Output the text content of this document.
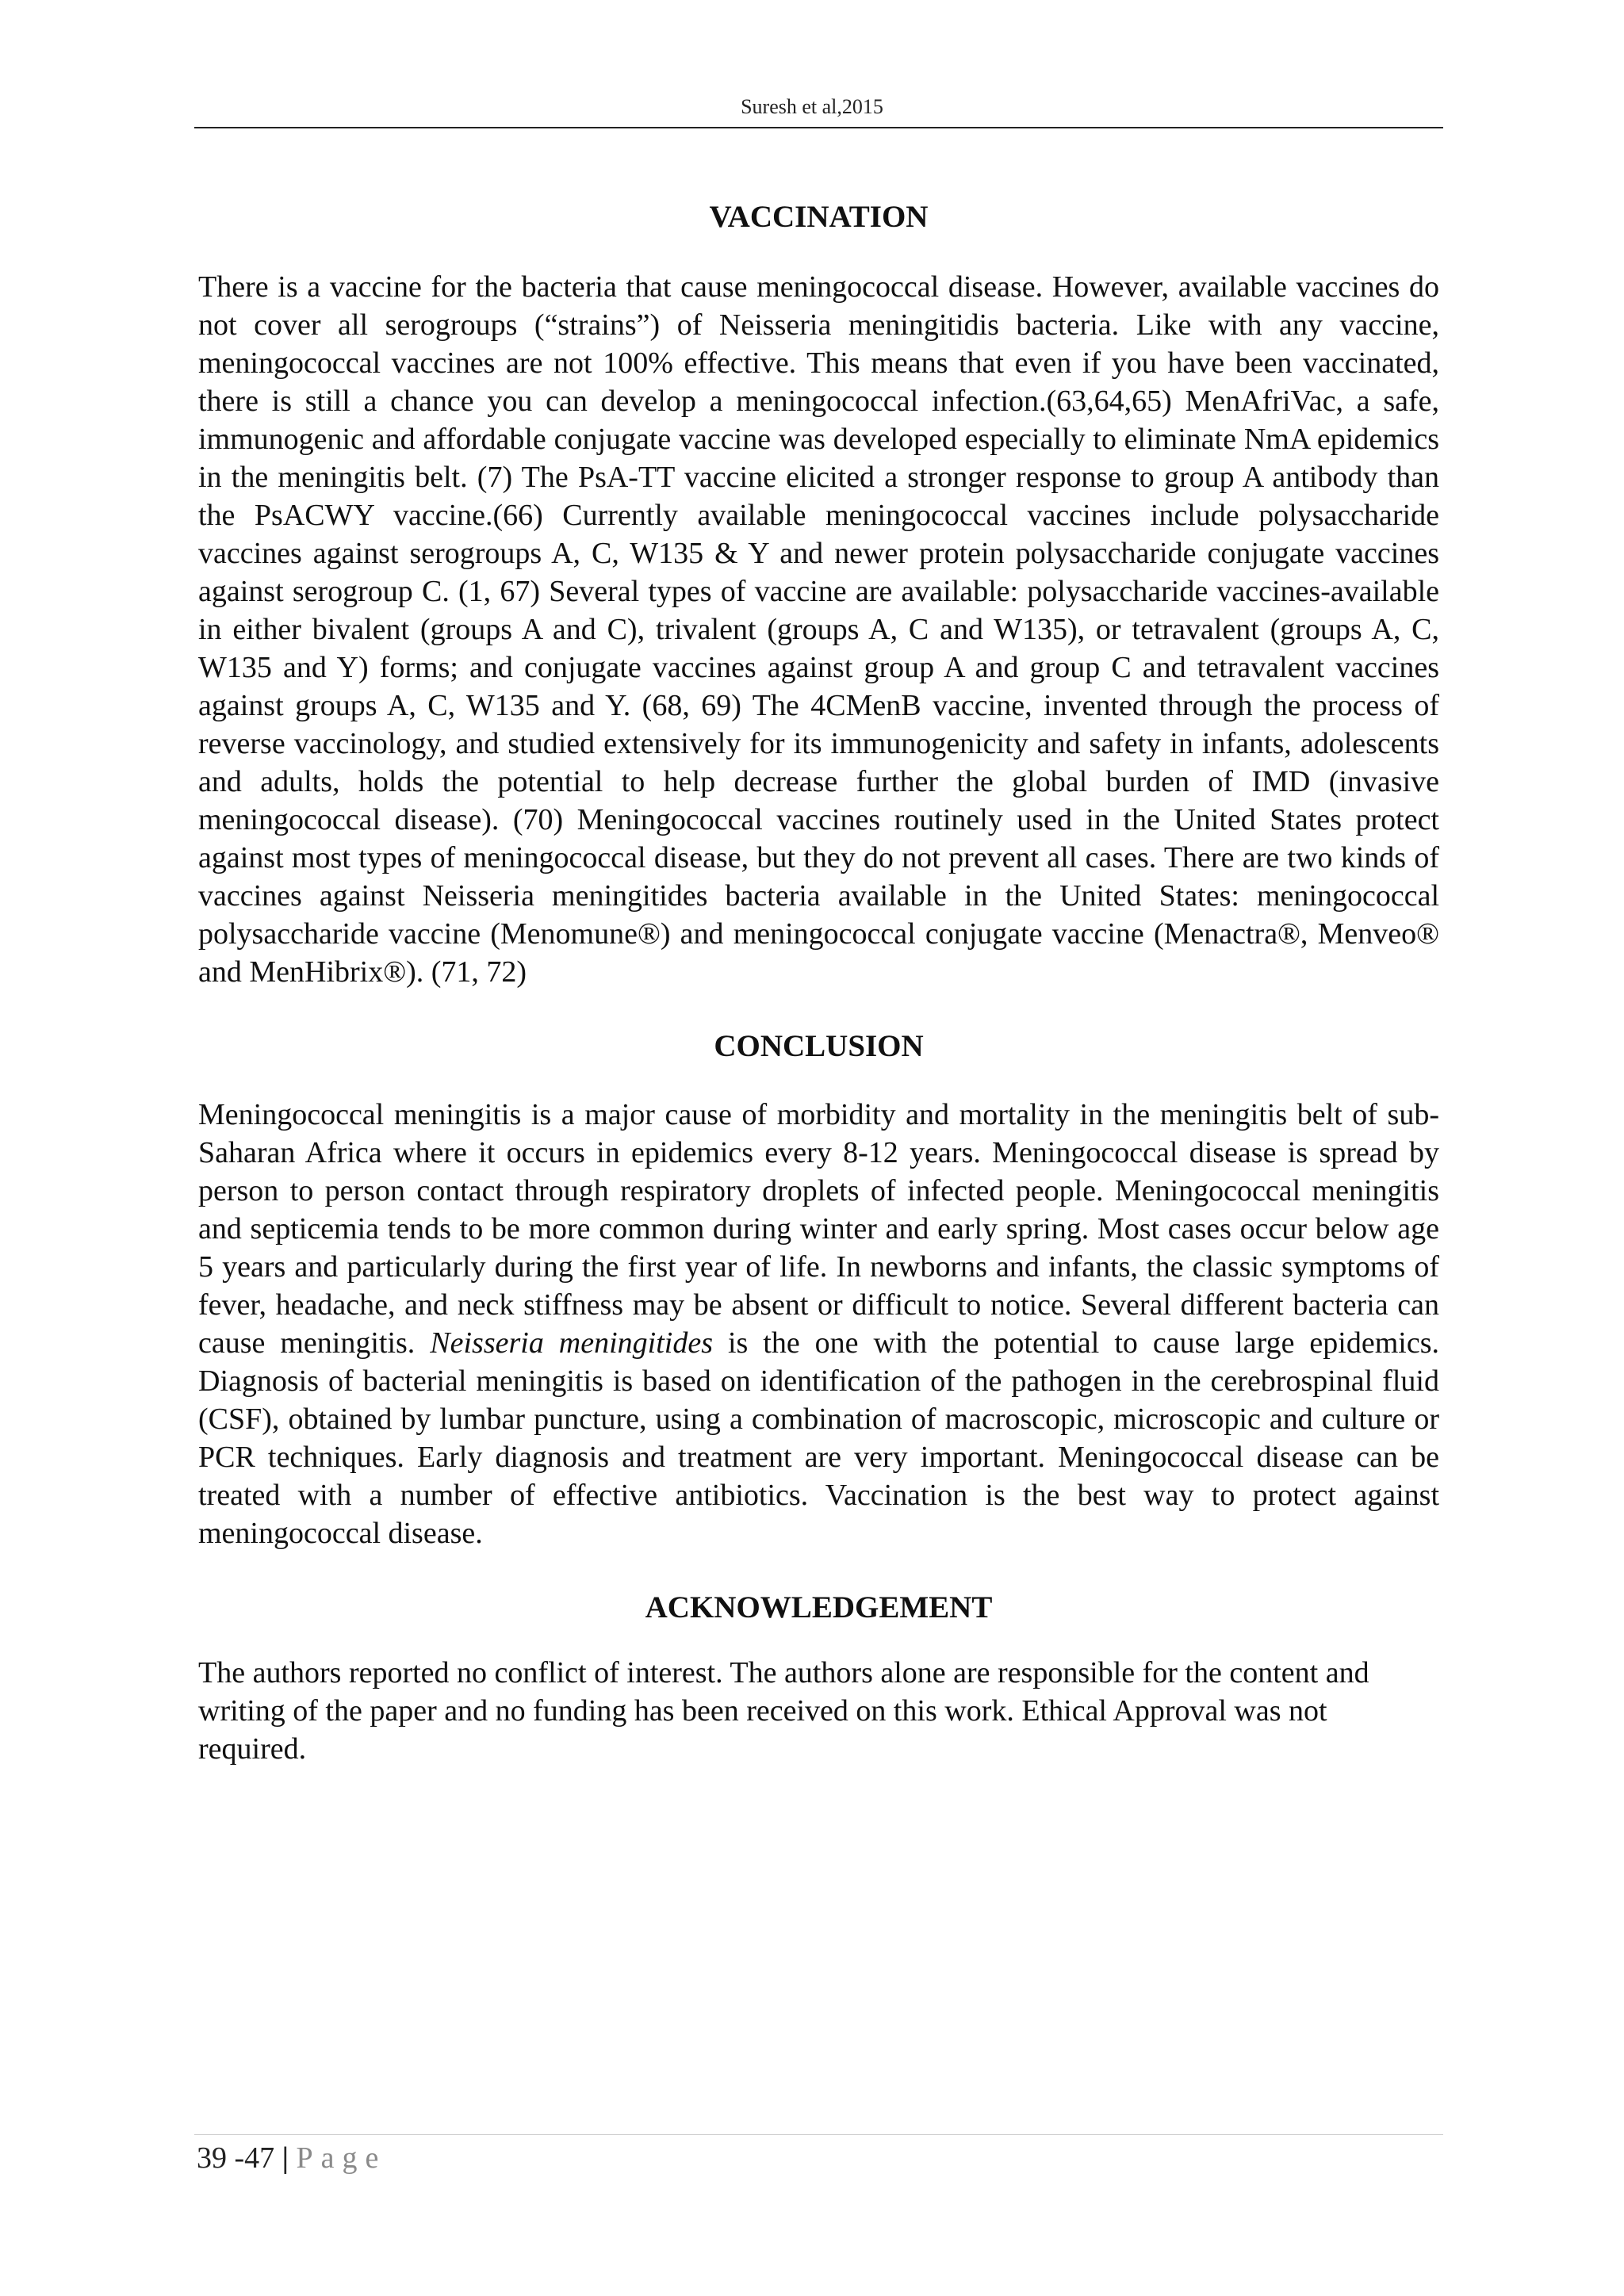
Suresh et al,2015
VACCINATION

There is a vaccine for the bacteria that cause meningococcal disease. However, available vaccines do not cover all serogroups (“strains”) of Neisseria meningitidis bacteria. Like with any vaccine, meningococcal vaccines are not 100% effective. This means that even if you have been vaccinated, there is still a chance you can develop a meningococcal infection.(63,64,65) MenAfriVac, a safe, immunogenic and affordable conjugate vaccine was developed especially to eliminate NmA epidemics in the meningitis belt. (7) The PsA-TT vaccine elicited a stronger response to group A antibody than the PsACWY vaccine.(66) Currently available meningococcal vaccines include polysaccharide vaccines against serogroups A, C, W135 & Y and newer protein polysaccharide conjugate vaccines against serogroup C. (1, 67) Several types of vaccine are available: polysaccharide vaccines-available in either bivalent (groups A and C), trivalent (groups A, C and W135), or tetravalent (groups A, C, W135 and Y) forms; and conjugate vaccines against group A and group C and tetravalent vaccines against groups A, C, W135 and Y. (68, 69) The 4CMenB vaccine, invented through the process of reverse vaccinology, and studied extensively for its immunogenicity and safety in infants, adolescents and adults, holds the potential to help decrease further the global burden of IMD (invasive meningococcal disease). (70) Meningococcal vaccines routinely used in the United States protect against most types of meningococcal disease, but they do not prevent all cases. There are two kinds of vaccines against Neisseria meningitides bacteria available in the United States: meningococcal polysaccharide vaccine (Menomune®) and meningococcal conjugate vaccine (Menactra®, Menveo® and MenHibrix®). (71, 72)

CONCLUSION

Meningococcal meningitis is a major cause of morbidity and mortality in the meningitis belt of sub-Saharan Africa where it occurs in epidemics every 8-12 years. Meningococcal disease is spread by person to person contact through respiratory droplets of infected people. Meningococcal meningitis and septicemia tends to be more common during winter and early spring. Most cases occur below age 5 years and particularly during the first year of life. In newborns and infants, the classic symptoms of fever, headache, and neck stiffness may be absent or difficult to notice. Several different bacteria can cause meningitis. Neisseria meningitides is the one with the potential to cause large epidemics. Diagnosis of bacterial meningitis is based on identification of the pathogen in the cerebrospinal fluid (CSF), obtained by lumbar puncture, using a combination of macroscopic, microscopic and culture or PCR techniques. Early diagnosis and treatment are very important. Meningococcal disease can be treated with a number of effective antibiotics. Vaccination is the best way to protect against meningococcal disease.

ACKNOWLEDGEMENT

The authors reported no conflict of interest. The authors alone are responsible for the content and writing of the paper and no funding has been received on this work. Ethical Approval was not required.

39 -47 | Page
